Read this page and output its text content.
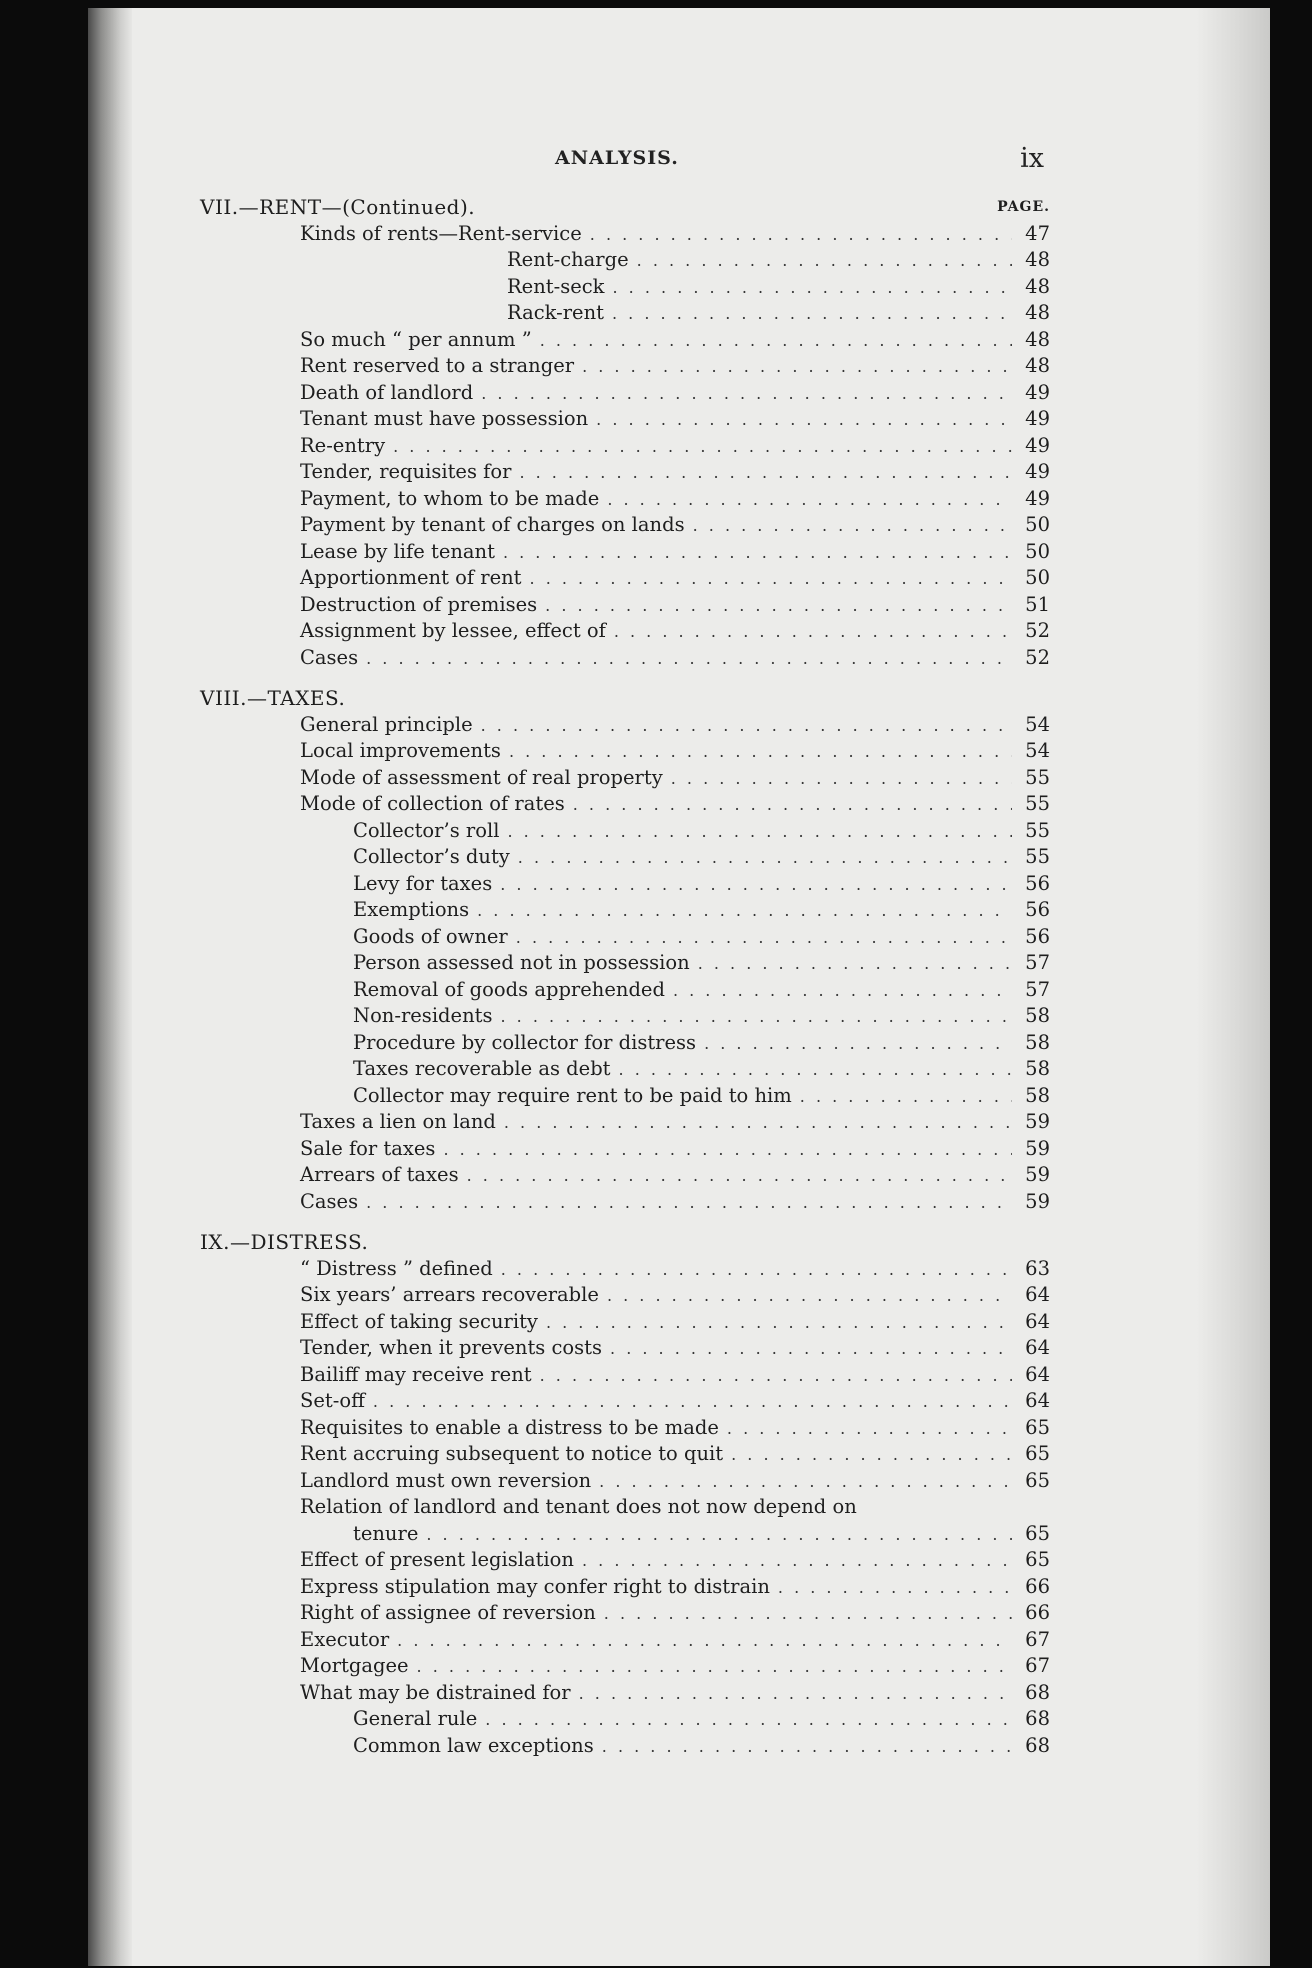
ANALYSIS.	ix
VII.—RENT—(Continued).	PAGE.
Kinds of rents—Rent-service . . .	47
Rent-charge . . .	48
Rent-seck . . .	48
Rack-rent . . .	48
So much “ per annum ” . . .	48
Rent reserved to a stranger . . .	48
Death of landlord . . .	49
Tenant must have possession . . .	49
Re-entry . . .	49
Tender, requisites for . . .	49
Payment, to whom to be made . . .	49
Payment by tenant of charges on lands . . .	50
Lease by life tenant . . .	50
Apportionment of rent . . .	50
Destruction of premises . . .	51
Assignment by lessee, effect of . . .	52
Cases . . .	52
VIII.—TAXES.
General principle . . .	54
Local improvements . . .	54
Mode of assessment of real property . . .	55
Mode of collection of rates . . .	55
Collector’s roll . . .	55
Collector’s duty . . .	55
Levy for taxes . . .	56
Exemptions . . .	56
Goods of owner . . .	56
Person assessed not in possession . . .	57
Removal of goods apprehended . . .	57
Non-residents . . .	58
Procedure by collector for distress . . .	58
Taxes recoverable as debt . . .	58
Collector may require rent to be paid to him . . .	58
Taxes a lien on land . . .	59
Sale for taxes . . .	59
Arrears of taxes . . .	59
Cases . . .	59
IX.—DISTRESS.
“ Distress ” defined . . .	63
Six years’ arrears recoverable . . .	64
Effect of taking security . . .	64
Tender, when it prevents costs . . .	64
Bailiff may receive rent . . .	64
Set-off . . .	64
Requisites to enable a distress to be made . . .	65
Rent accruing subsequent to notice to quit . . .	65
Landlord must own reversion . . .	65
Relation of landlord and tenant does not now depend on
tenure . . .	65
Effect of present legislation . . .	65
Express stipulation may confer right to distrain . . .	66
Right of assignee of reversion . . .	66
Executor . . .	67
Mortgagee . . .	67
What may be distrained for . . .	68
General rule . . .	68
Common law exceptions . . .	68
